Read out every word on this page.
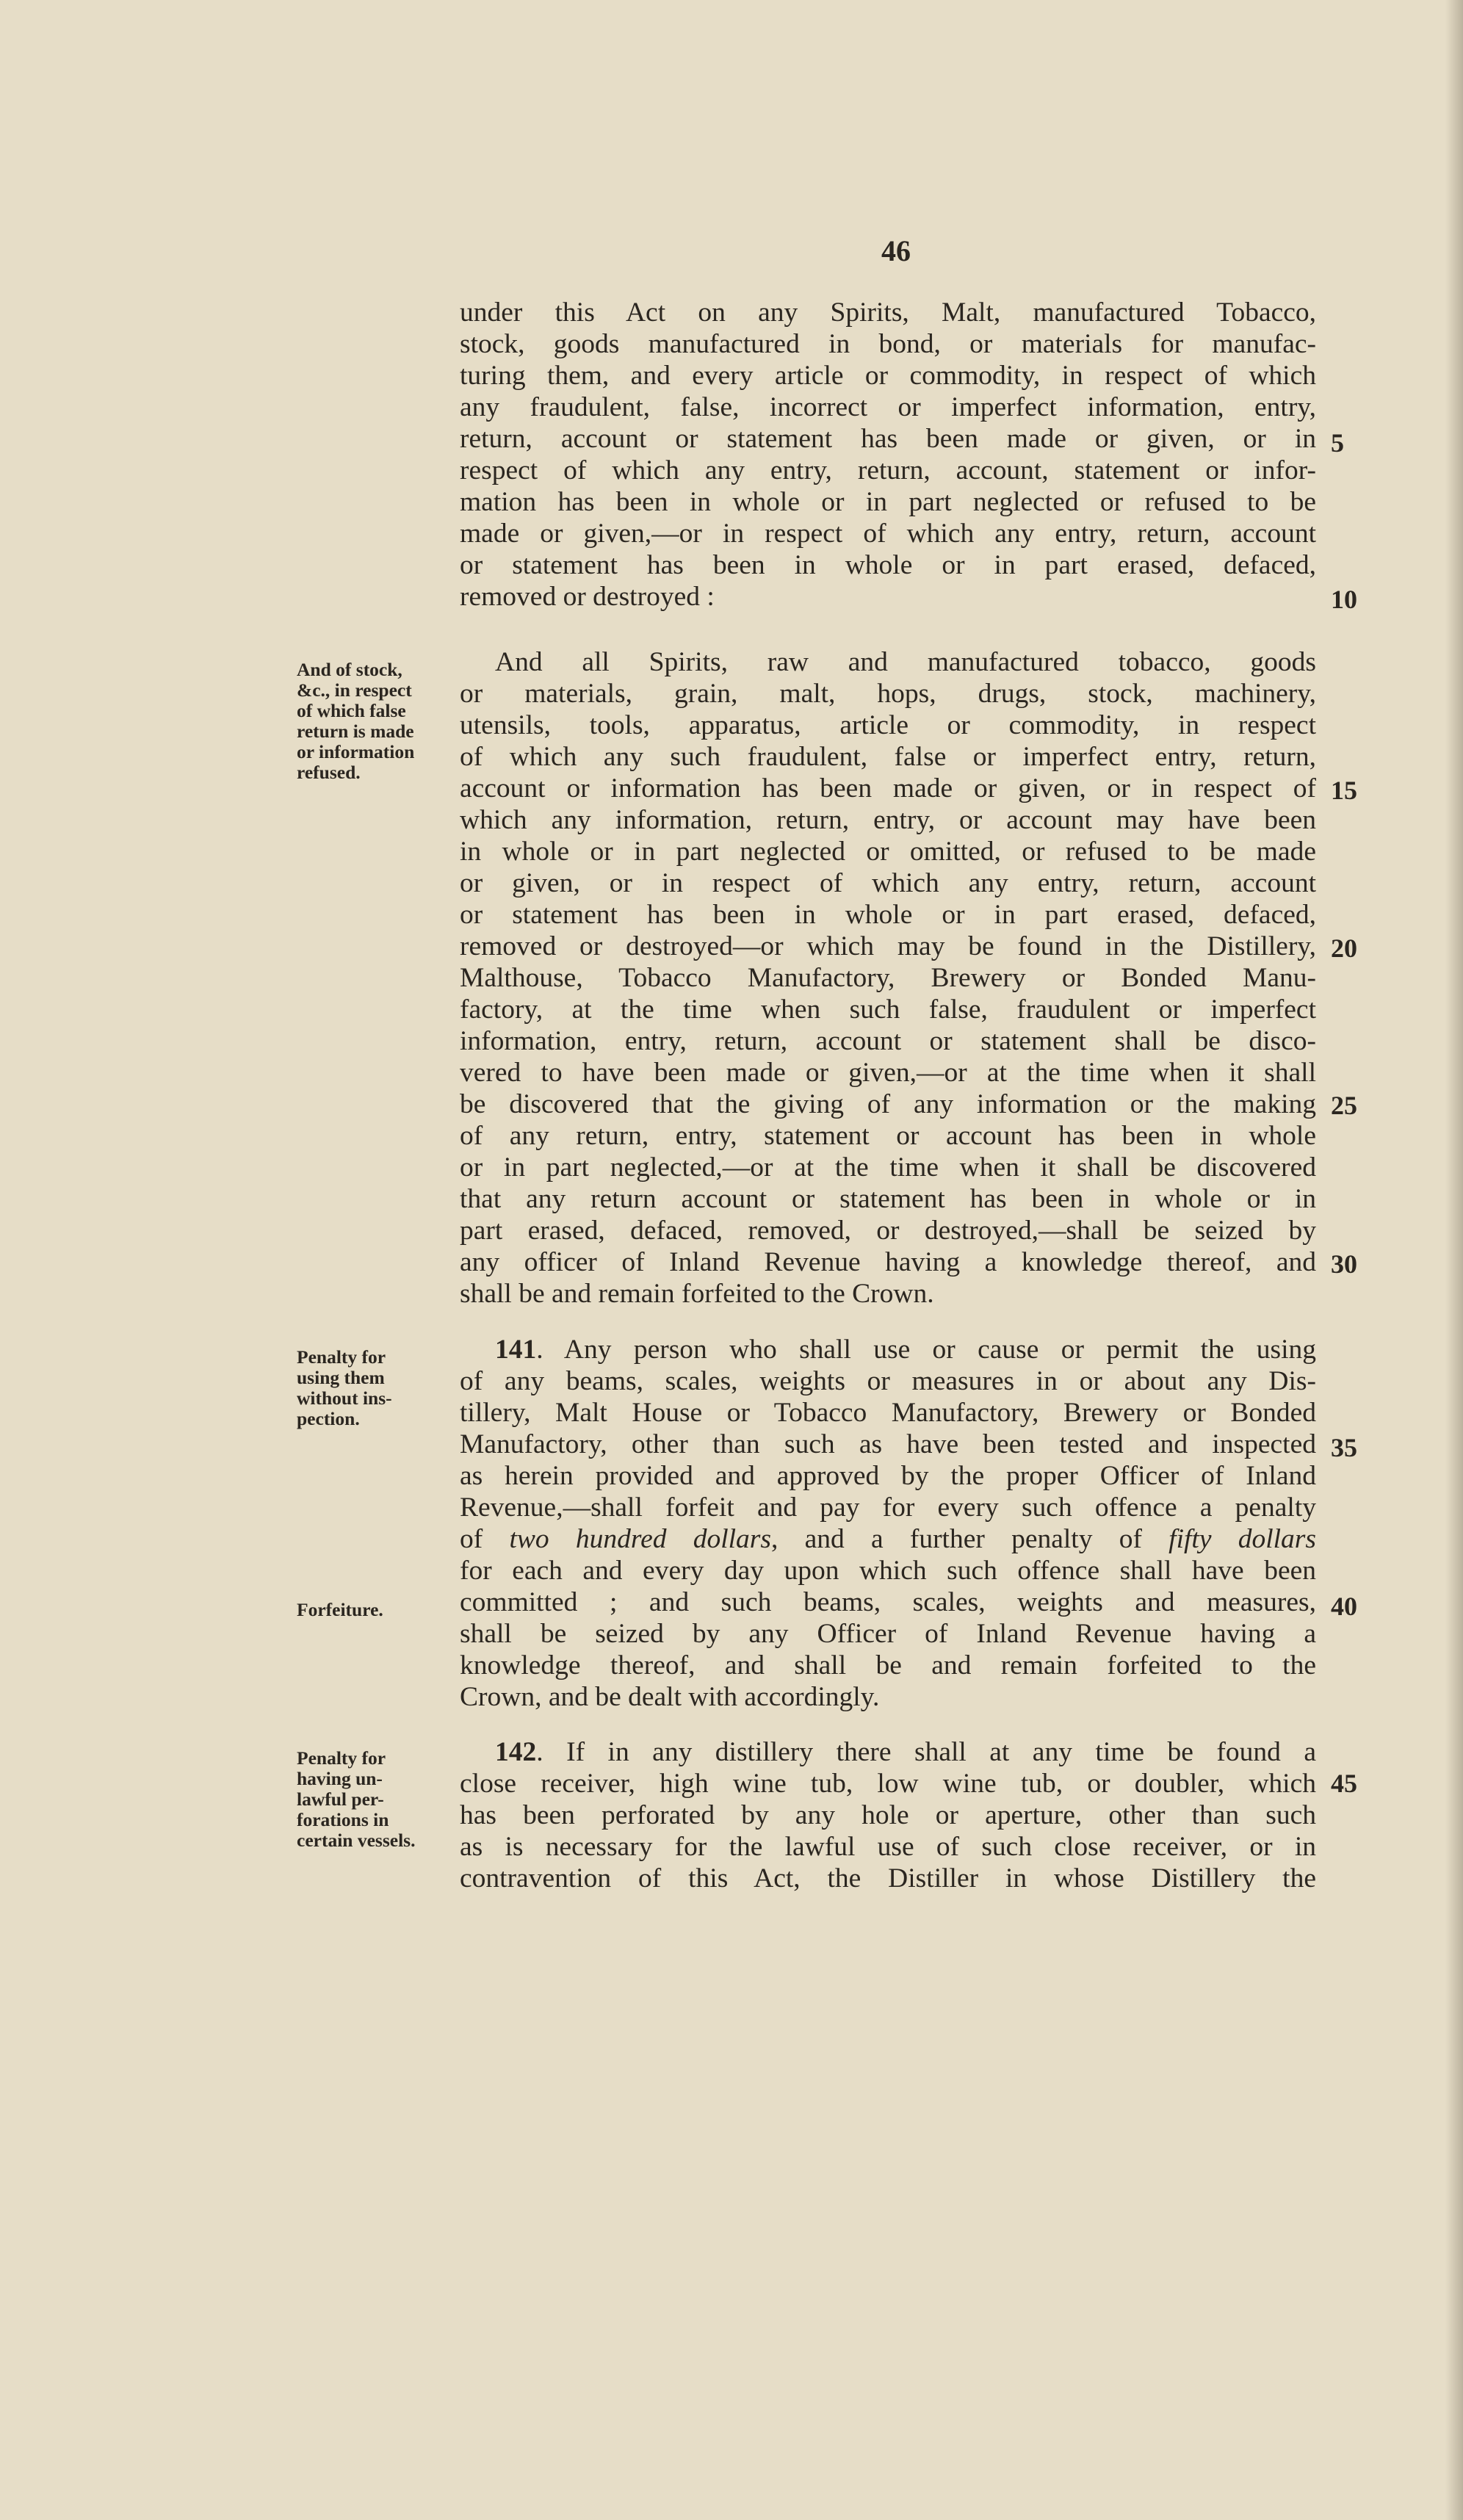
46
under this Act on any Spirits, Malt, manufactured Tobacco,
stock, goods manufactured in bond, or materials for manufac-
turing them, and every article or commodity, in respect of which
any fraudulent, false, incorrect or imperfect information, entry,
return, account or statement has been made or given, or in
respect of which any entry, return, account, statement or infor-
mation has been in whole or in part neglected or refused to be
made or given,—or in respect of which any entry, return, account
or statement has been in whole or in part erased, defaced,
removed or destroyed :
And of stock,
&c., in respect
of which false
return is made
or information
refused.
And all Spirits, raw and manufactured tobacco, goods
or materials, grain, malt, hops, drugs, stock, machinery,
utensils, tools, apparatus, article or commodity, in respect
of which any such fraudulent, false or imperfect entry, return,
account or information has been made or given, or in respect of
which any information, return, entry, or account may have been
in whole or in part neglected or omitted, or refused to be made
or given, or in respect of which any entry, return, account
or statement has been in whole or in part erased, defaced,
removed or destroyed—or which may be found in the Distillery,
Malthouse, Tobacco Manufactory, Brewery or Bonded Manu-
factory, at the time when such false, fraudulent or imperfect
information, entry, return, account or statement shall be disco-
vered to have been made or given,—or at the time when it shall
be discovered that the giving of any information or the making
of any return, entry, statement or account has been in whole
or in part neglected,—or at the time when it shall be discovered
that any return account or statement has been in whole or in
part erased, defaced, removed, or destroyed,—shall be seized by
any officer of Inland Revenue having a knowledge thereof, and
shall be and remain forfeited to the Crown.
Penalty for
using them
without ins-
pection.
Forfeiture.
141. Any person who shall use or cause or permit the using
of any beams, scales, weights or measures in or about any Dis-
tillery, Malt House or Tobacco Manufactory, Brewery or Bonded
Manufactory, other than such as have been tested and inspected
as herein provided and approved by the proper Officer of Inland
Revenue,—shall forfeit and pay for every such offence a penalty
of two hundred dollars, and a further penalty of fifty dollars
for each and every day upon which such offence shall have been
committed ; and such beams, scales, weights and measures,
shall be seized by any Officer of Inland Revenue having a
knowledge thereof, and shall be and remain forfeited to the
Crown, and be dealt with accordingly.
Penalty for
having un-
lawful per-
forations in
certain vessels.
142. If in any distillery there shall at any time be found a
close receiver, high wine tub, low wine tub, or doubler, which
has been perforated by any hole or aperture, other than such
as is necessary for the lawful use of such close receiver, or in
contravention of this Act, the Distiller in whose Distillery the
5
10
15
20
25
30
35
40
45
